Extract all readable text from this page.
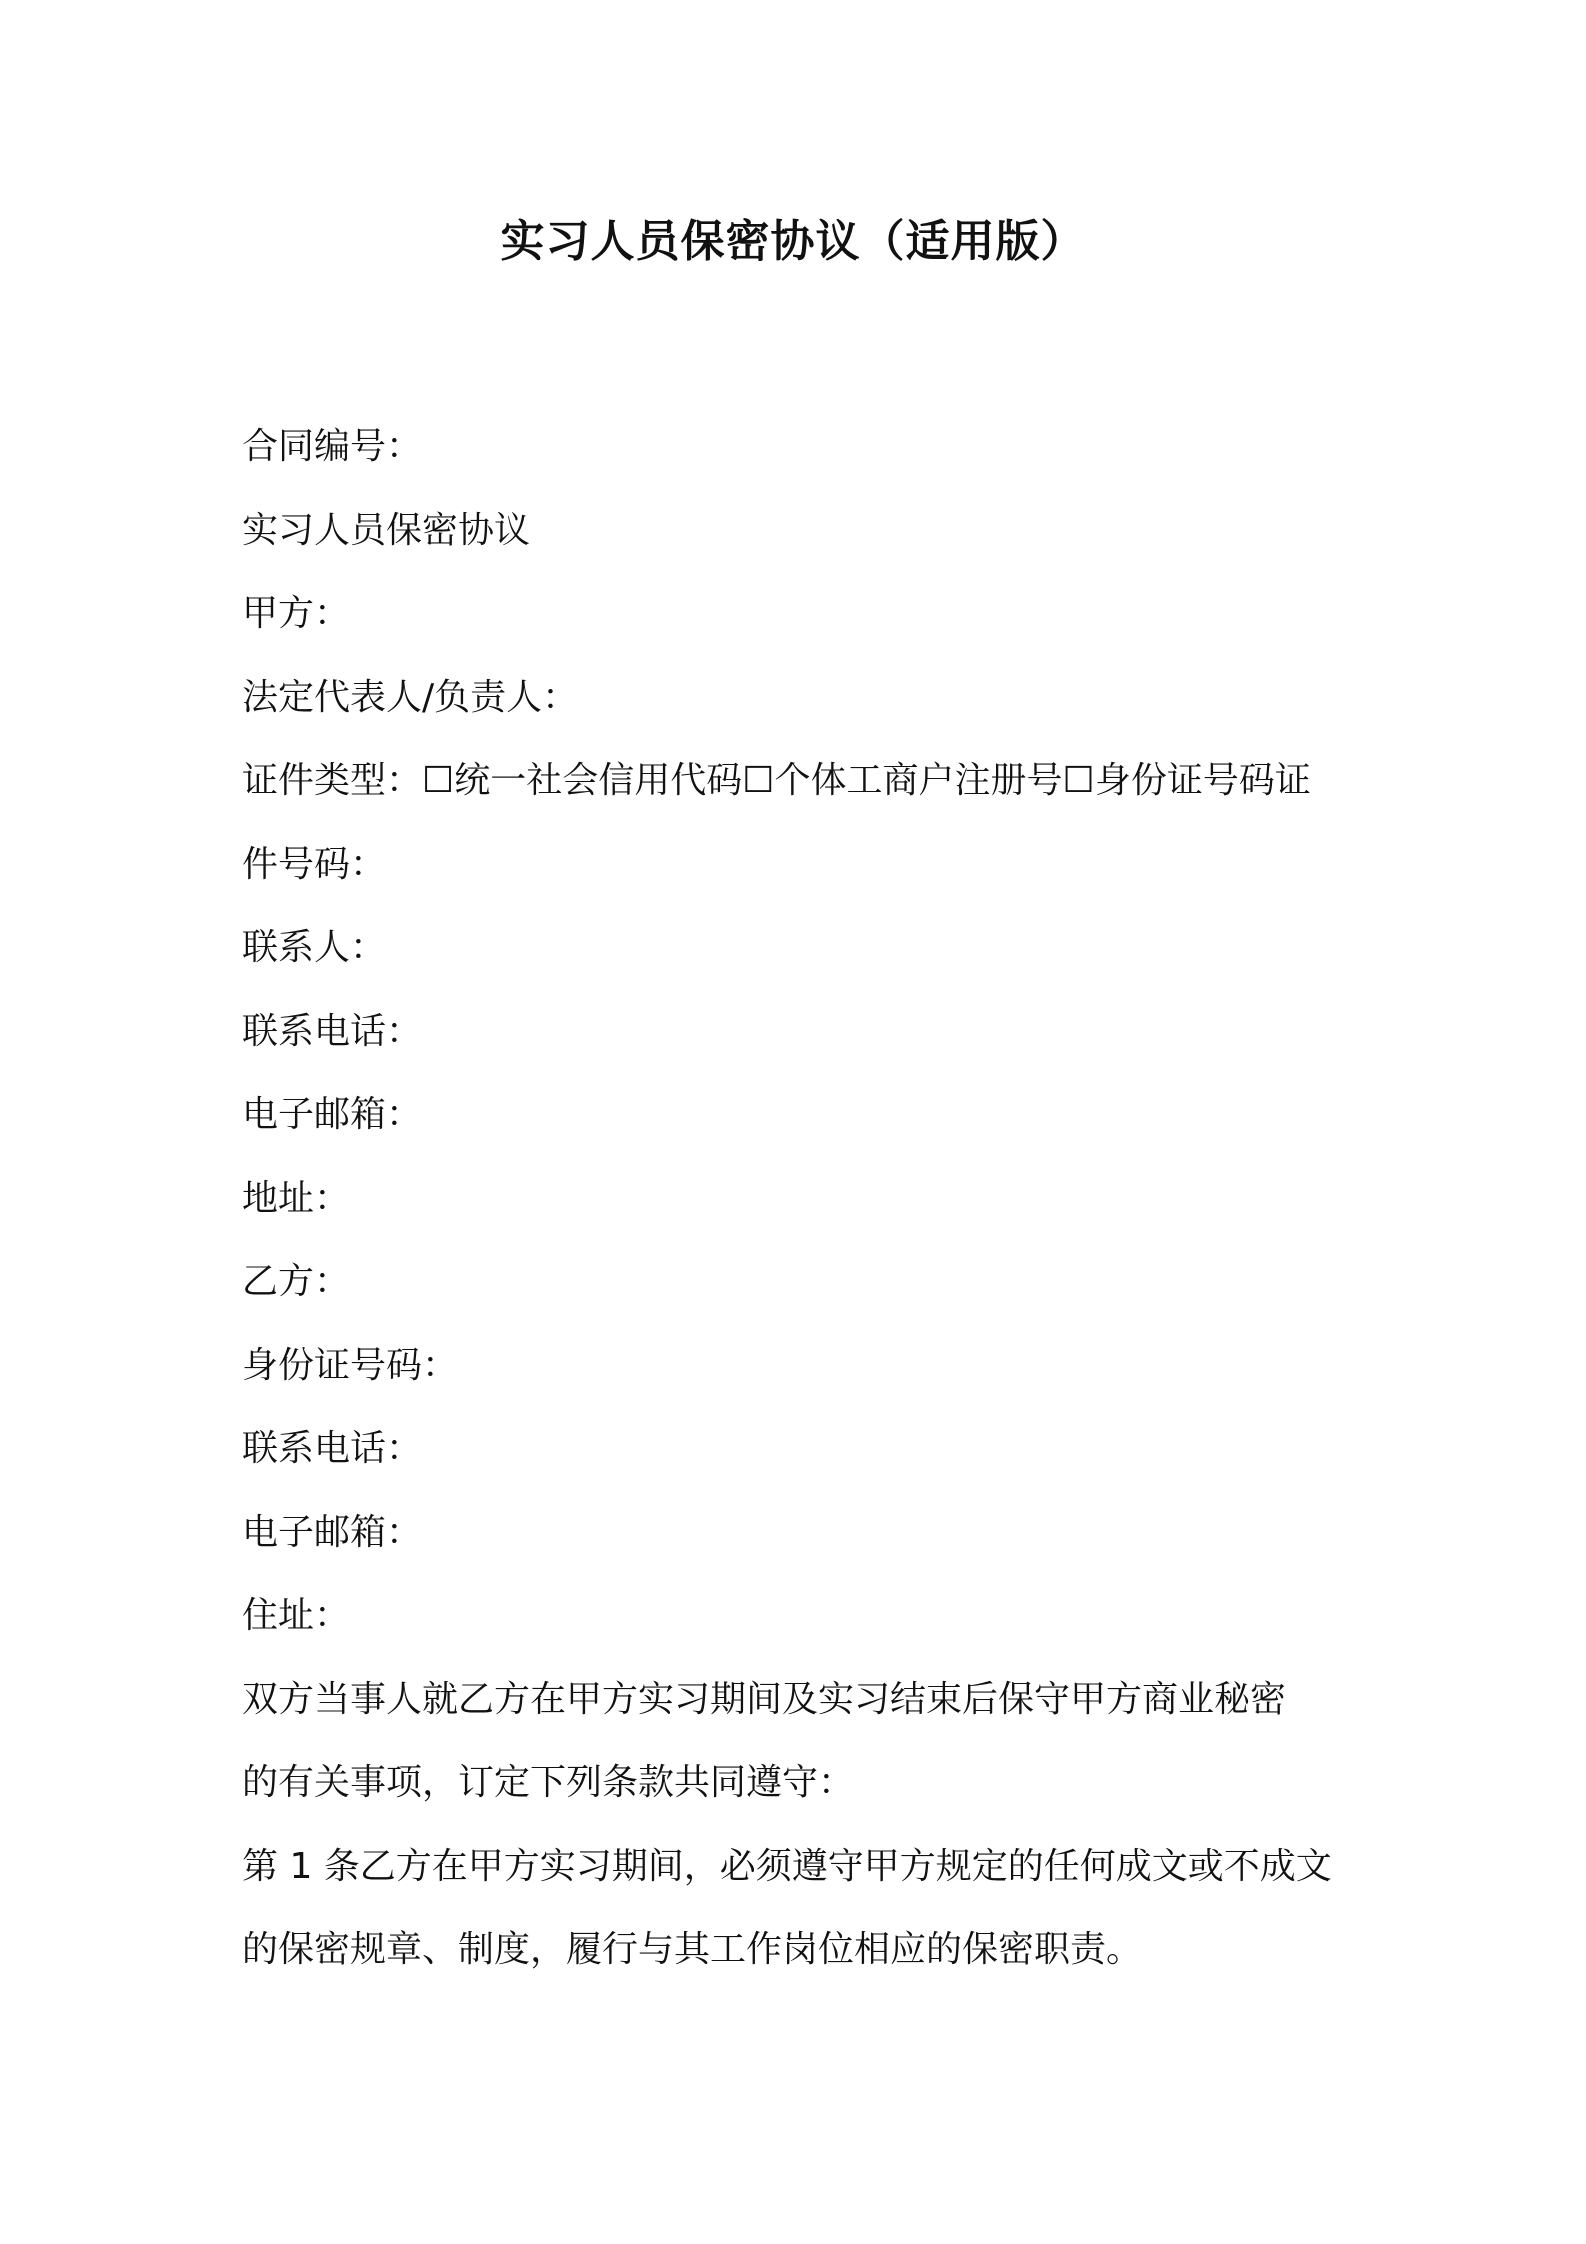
实习人员保密协议（适用版）
合同编号：
实习人员保密协议
甲方：
法定代表人/负责人：
证件类型：☐统一社会信用代码☐个体工商户注册号☐身份证号码证
件号码：
联系人：
联系电话：
电子邮箱：
地址：
乙方：
身份证号码：
联系电话：
电子邮箱：
住址：
双方当事人就乙方在甲方实习期间及实习结束后保守甲方商业秘密
的有关事项，订定下列条款共同遵守：
第 1 条乙方在甲方实习期间，必须遵守甲方规定的任何成文或不成文
的保密规章、制度，履行与其工作岗位相应的保密职责。
